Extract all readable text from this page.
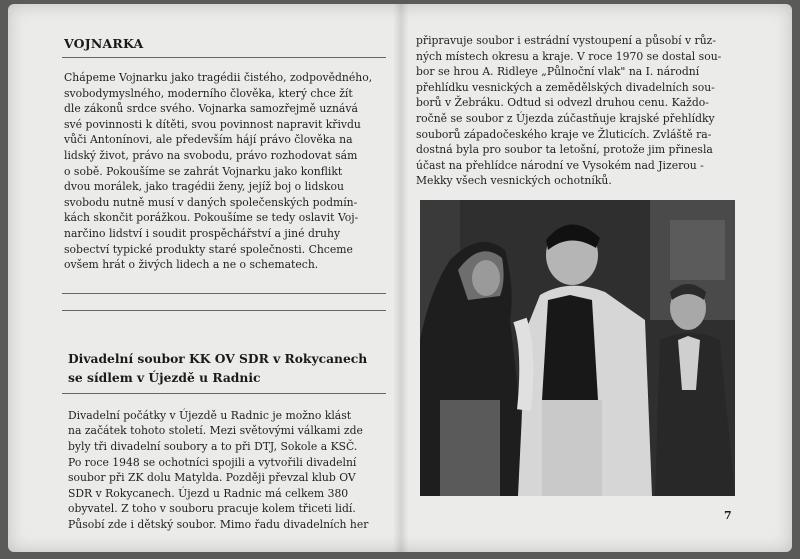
VOJNARKA

Chápeme Vojnarku jako tragédii čistého, zodpovědného,
svobodymyslného, moderního člověka, který chce žít
dle zákonů srdce svého. Vojnarka samozřejmě uznává
své povinnosti k dítěti, svou povinnost napravit křivdu
vůči Antonínovi, ale především hájí právo člověka na
lidský život, právo na svobodu, právo rozhodovat sám
o sobě. Pokoušíme se zahrát Vojnarku jako konflikt
dvou morálek, jako tragédii ženy, jejíž boj o lidskou
svobodu nutně musí v daných společenských podmín-
kách skončit porážkou. Pokoušíme se tedy oslavit Voj-
narčino lidství i soudit prospěchářství a jiné druhy
sobectví typické produkty staré společnosti. Chceme
ovšem hrát o živých lidech a ne o schematech.

Divadelní soubor KK OV SDR v Rokycanech
se sídlem v Újezdě u Radnic

Divadelní počátky v Újezdě u Radnic je možno klást
na začátek tohoto století. Mezi světovými válkami zde
byly tři divadelní soubory a to při DTJ, Sokole a KSČ.
Po roce 1948 se ochotníci spojili a vytvořili divadelní
soubor při ZK dolu Matylda. Později převzal klub OV
SDR v Rokycanech. Újezd u Radnic má celkem 380
obyvatel. Z toho v souboru pracuje kolem třiceti lidí.
Působí zde i dětský soubor. Mimo řadu divadelních her

připravuje soubor i estrádní vystoupení a působí v růz-
ných místech okresu a kraje. V roce 1970 se dostal sou-
bor se hrou A. Ridleye „Půlnoční vlak" na I. národní
přehlídku vesnických a zemědělských divadelních sou-
borů v Žebráku. Odtud si odvezl druhou cenu. Každo-
ročně se soubor z Újezda zúčastňuje krajské přehlídky
souborů západočeského kraje ve Žluticích. Zvláště ra-
dostná byla pro soubor ta letošní, protože jim přinesla
účast na přehlídce národní ve Vysokém nad Jizerou -
Mekky všech vesnických ochotníků.

7
